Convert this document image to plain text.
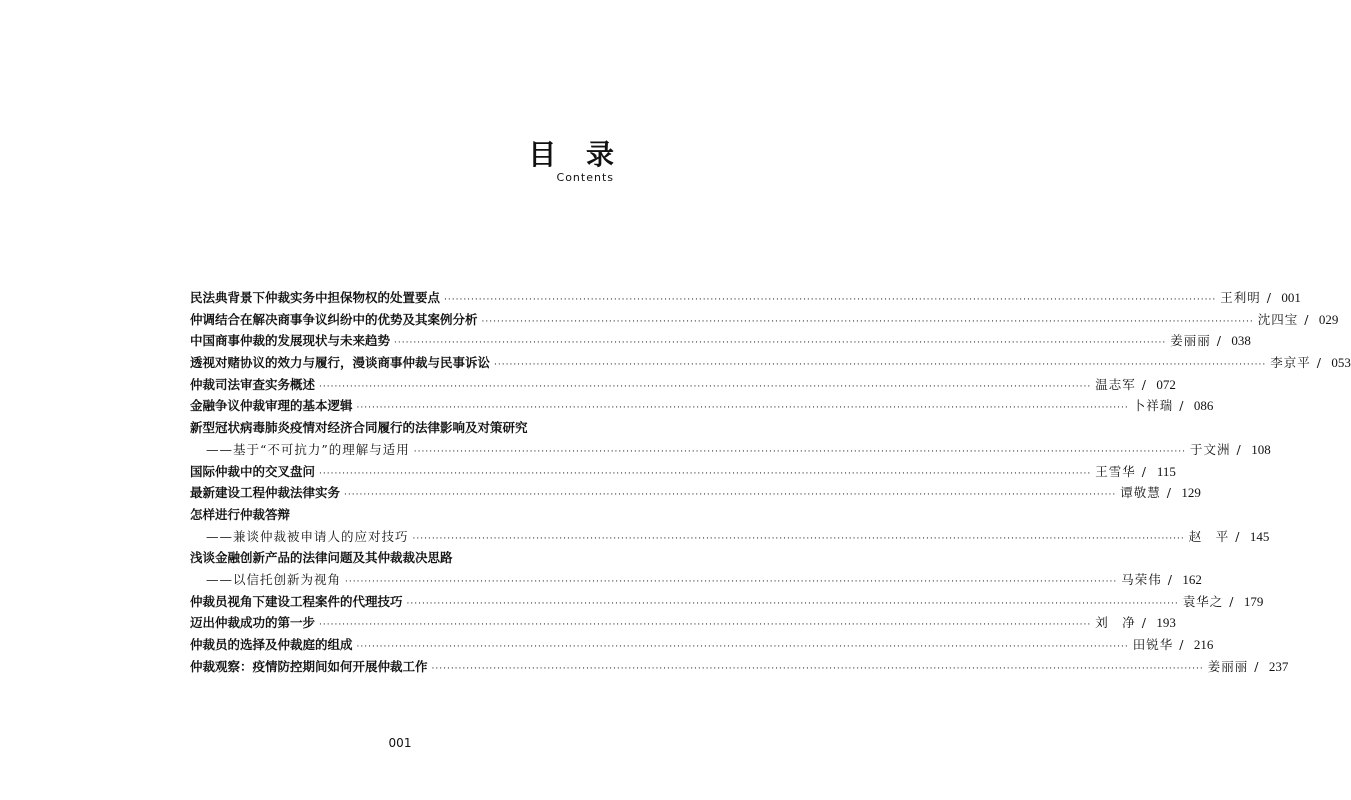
目 录
Contents
民法典背景下仲裁实务中担保物权的处置要点 ········································································································································································································ 王利明 / 001
仲调结合在解决商事争议纠纷中的优势及其案例分析 ········································································································································································································ 沈四宝 / 029
中国商事仲裁的发展现状与未来趋势 ········································································································································································································ 姜丽丽 / 038
透视对赌协议的效力与履行，漫谈商事仲裁与民事诉讼 ········································································································································································································ 李京平 / 053
仲裁司法审查实务概述 ········································································································································································································ 温志军 / 072
金融争议仲裁审理的基本逻辑 ········································································································································································································ 卜祥瑞 / 086
新型冠状病毒肺炎疫情对经济合同履行的法律影响及对策研究
——基于“不可抗力”的理解与适用 ········································································································································································································ 于文洲 / 108
国际仲裁中的交叉盘问 ········································································································································································································ 王雪华 / 115
最新建设工程仲裁法律实务 ········································································································································································································ 谭敬慧 / 129
怎样进行仲裁答辩
——兼谈仲裁被申请人的应对技巧 ········································································································································································································ 赵　平 / 145
浅谈金融创新产品的法律问题及其仲裁裁决思路
——以信托创新为视角 ········································································································································································································ 马荣伟 / 162
仲裁员视角下建设工程案件的代理技巧 ········································································································································································································ 袁华之 / 179
迈出仲裁成功的第一步 ········································································································································································································ 刘　净 / 193
仲裁员的选择及仲裁庭的组成 ········································································································································································································ 田锐华 / 216
仲裁观察：疫情防控期间如何开展仲裁工作 ········································································································································································································ 姜丽丽 / 237
001
